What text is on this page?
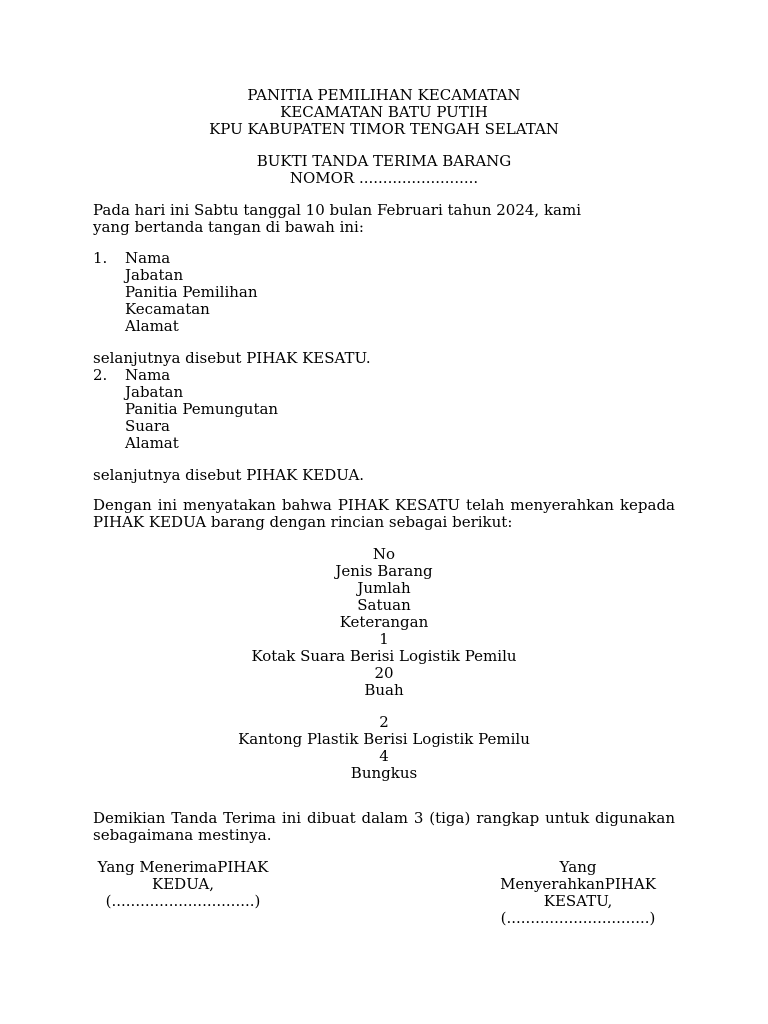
PANITIA PEMILIHAN KECAMATAN
KECAMATAN BATU PUTIH
KPU KABUPATEN TIMOR TENGAH SELATAN
BUKTI TANDA TERIMA BARANG
NOMOR .........................
Pada hari ini Sabtu tanggal 10 bulan Februari tahun 2024, kami
yang bertanda tangan di bawah ini:
1. Nama
Jabatan
Panitia Pemilihan
Kecamatan
Alamat
selanjutnya disebut PIHAK KESATU.
2. Nama
Jabatan
Panitia Pemungutan
Suara
Alamat
selanjutnya disebut PIHAK KEDUA.
Dengan ini menyatakan bahwa PIHAK KESATU telah menyerahkan kepada
PIHAK KEDUA barang dengan rincian sebagai berikut:
No
Jenis Barang
Jumlah
Satuan
Keterangan
1
Kotak Suara Berisi Logistik Pemilu
20
Buah
2
Kantong Plastik Berisi Logistik Pemilu
4
Bungkus
Demikian Tanda Terima ini dibuat dalam 3 (tiga) rangkap untuk digunakan
sebagaimana mestinya.
Yang MenerimaPIHAK
KEDUA,
(..............................)
Yang
MenyerahkanPIHAK
KESATU,
(..............................)
